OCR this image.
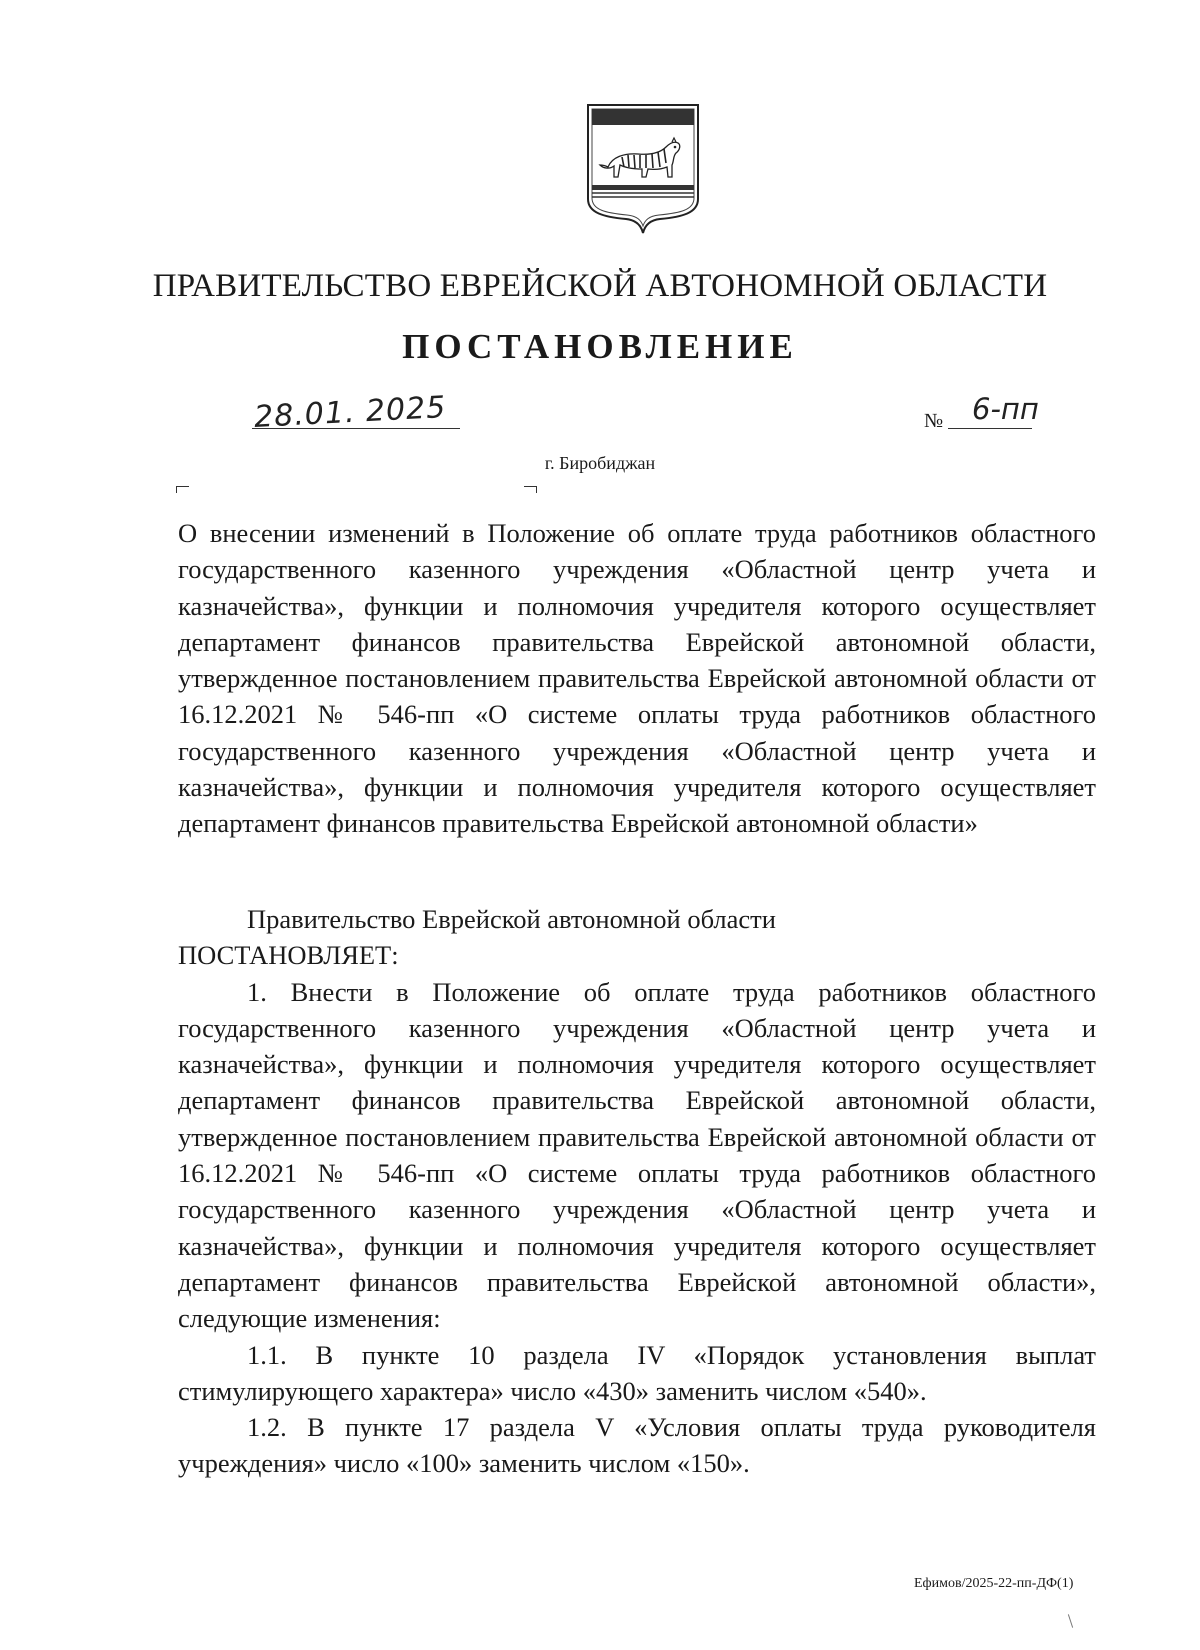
ПРАВИТЕЛЬСТВО ЕВРЕЙСКОЙ АВТОНОМНОЙ ОБЛАСТИ
ПОСТАНОВЛЕНИЕ
28.01. 2025	№ 6-пп
г. Биробиджан
О внесении изменений в Положение об оплате труда работников областного государственного казенного учреждения «Областной центр учета и казначейства», функции и полномочия учредителя которого осуществляет департамент финансов правительства Еврейской автономной области, утвержденное постановлением правительства Еврейской автономной области от 16.12.2021 № 546-пп «О системе оплаты труда работников областного государственного казенного учреждения «Областной центр учета и казначейства», функции и полномочия учредителя которого осуществляет департамент финансов правительства Еврейской автономной области»

Правительство Еврейской автономной области

ПОСТАНОВЛЯЕТ:

1. Внести в Положение об оплате труда работников областного государственного казенного учреждения «Областной центр учета и казначейства», функции и полномочия учредителя которого осуществляет департамент финансов правительства Еврейской автономной области, утвержденное постановлением правительства Еврейской автономной области от 16.12.2021 № 546-пп «О системе оплаты труда работников областного государственного казенного учреждения «Областной центр учета и казначейства», функции и полномочия учредителя которого осуществляет департамент финансов правительства Еврейской автономной области», следующие изменения:

1.1. В пункте 10 раздела IV «Порядок установления выплат стимулирующего характера» число «430» заменить числом «540».

1.2. В пункте 17 раздела V «Условия оплаты труда руководителя учреждения» число «100» заменить числом «150».

Ефимов/2025-22-пп-ДФ(1)
